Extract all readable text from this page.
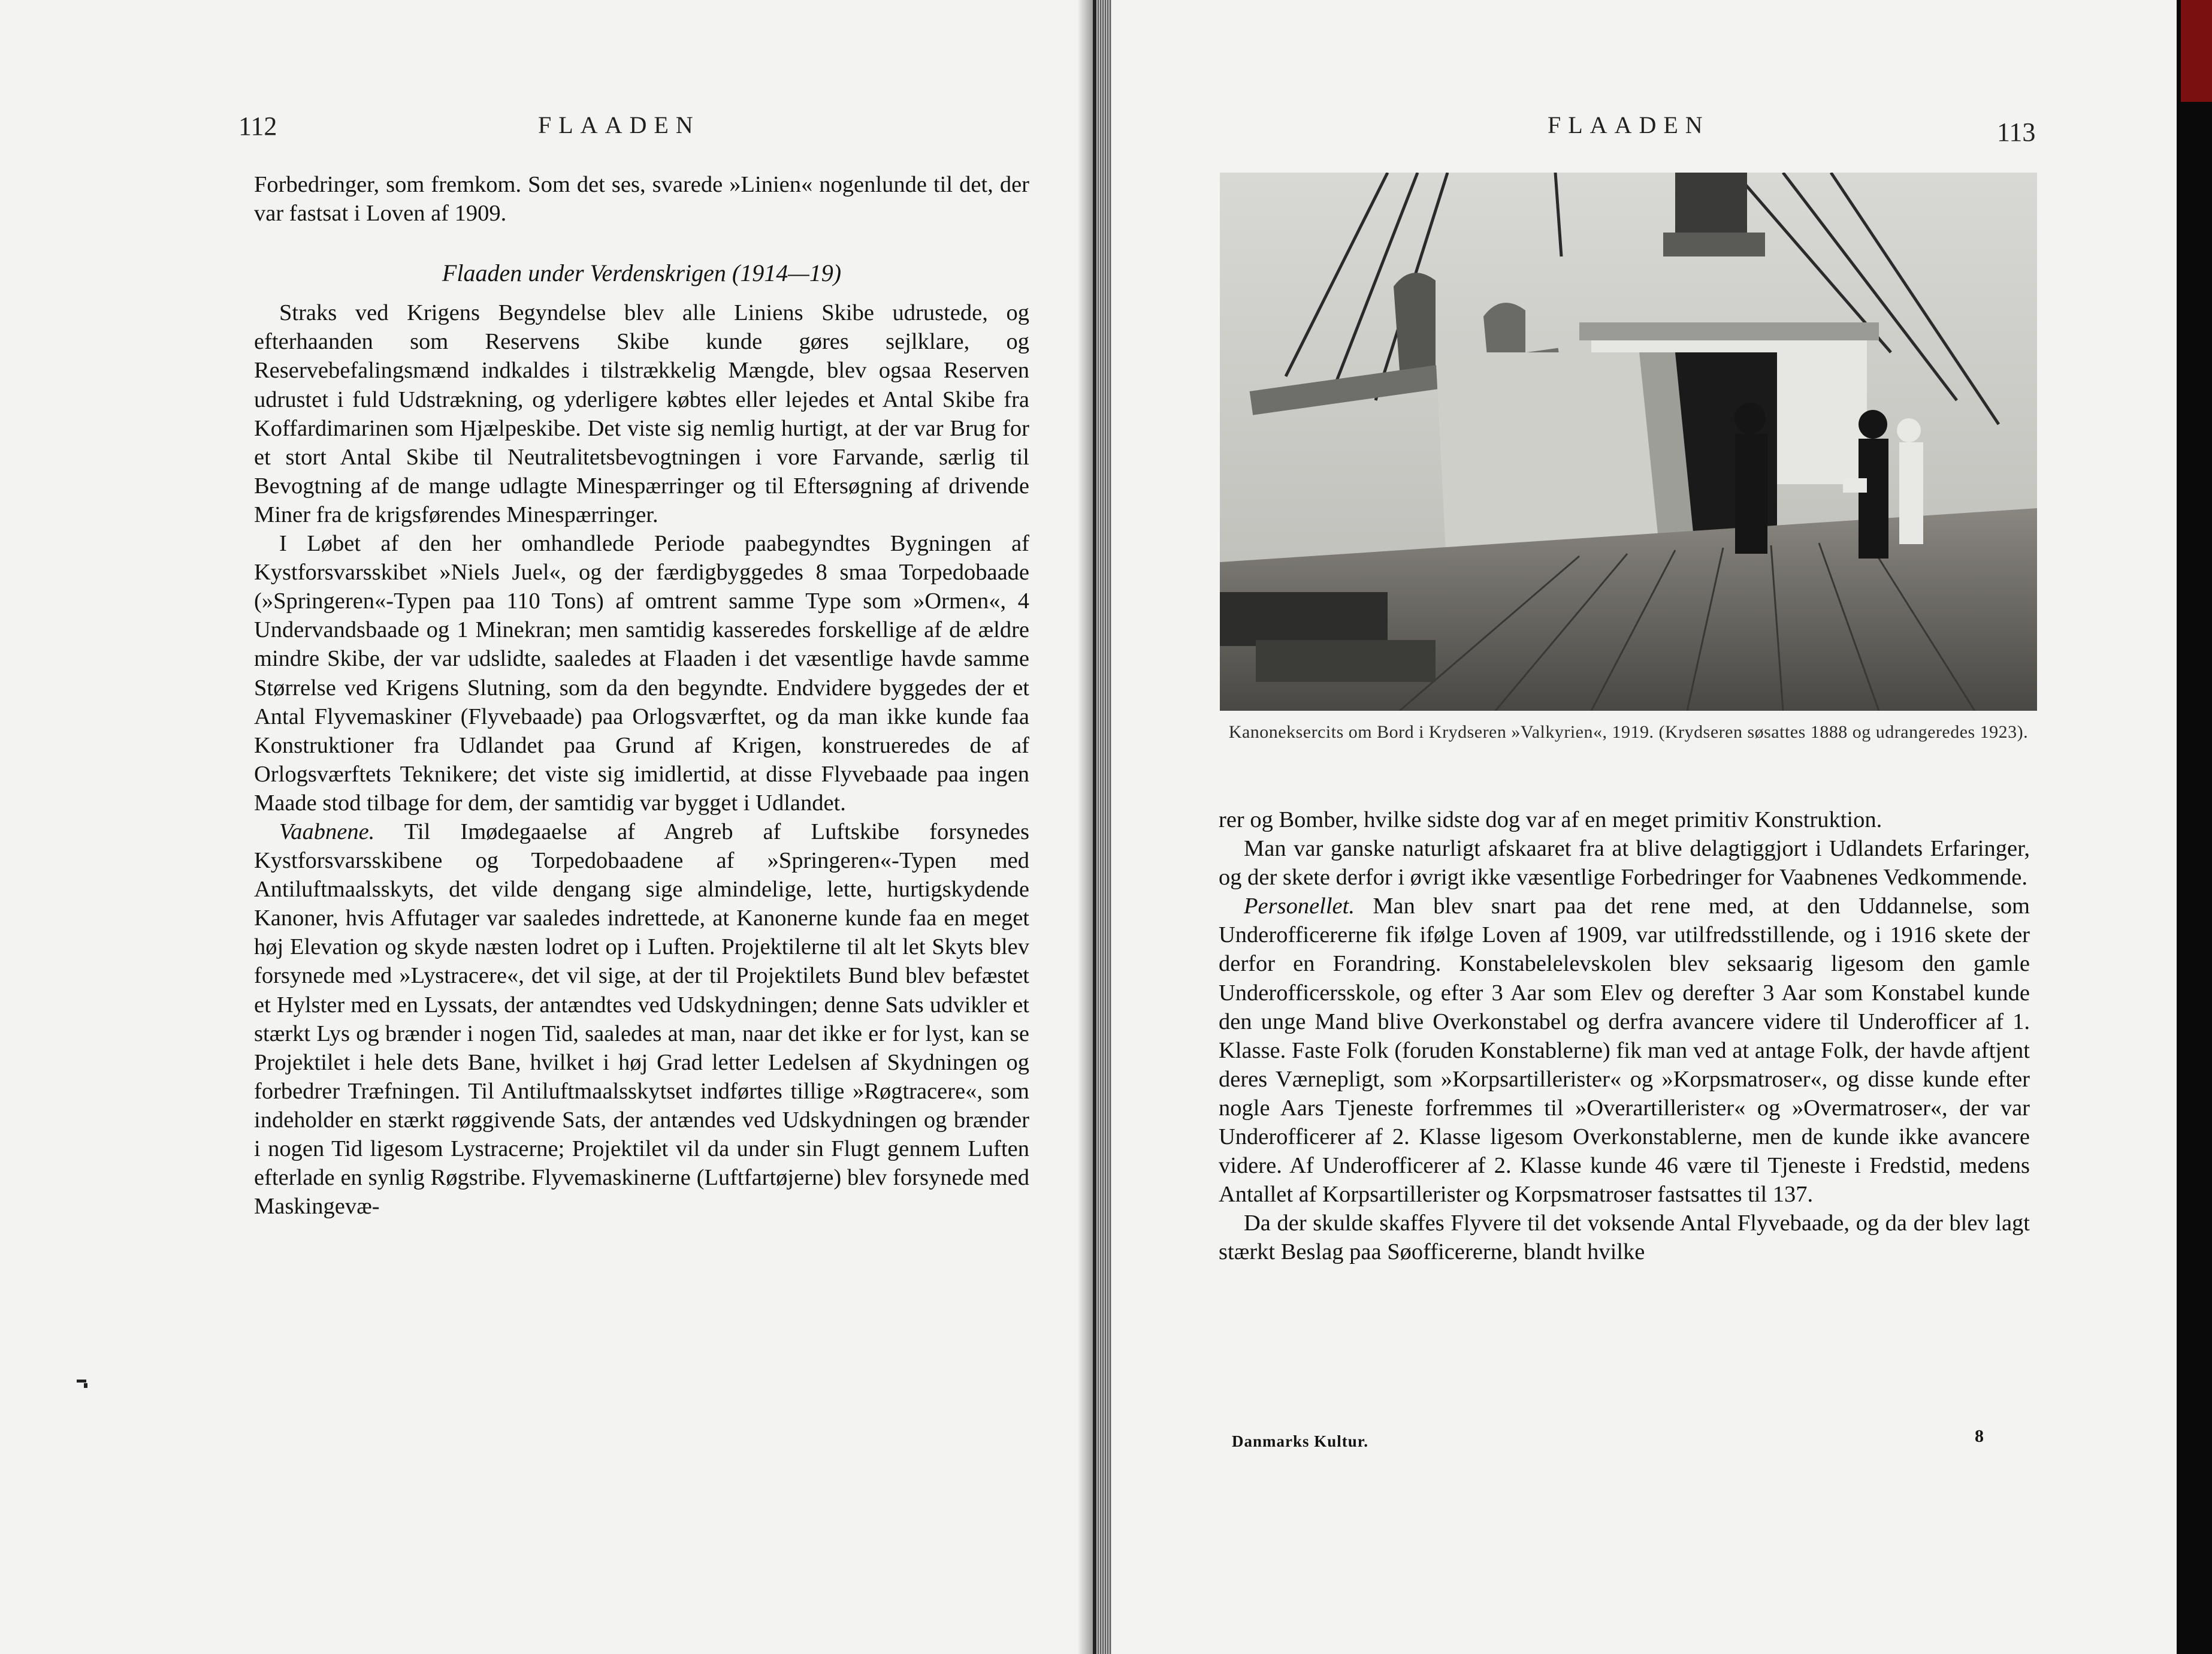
112	FLAADEN

Forbedringer, som fremkom. Som det ses, svarede »Linien« nogenlunde til det, der var fastsat i Loven af 1909.

Flaaden under Verdenskrigen (1914—19)

Straks ved Krigens Begyndelse blev alle Liniens Skibe udrustede, og efterhaanden som Reservens Skibe kunde gøres sejlklare, og Reservebefalingsmænd indkaldes i tilstrækkelig Mængde, blev ogsaa Reserven udrustet i fuld Udstrækning, og yderligere købtes eller lejedes et Antal Skibe fra Koffardimarinen som Hjælpeskibe. Det viste sig nemlig hurtigt, at der var Brug for et stort Antal Skibe til Neutralitetsbevogtningen i vore Farvande, særlig til Bevogtning af de mange udlagte Minespærringer og til Eftersøgning af drivende Miner fra de krigsførendes Minespærringer.

I Løbet af den her omhandlede Periode paabegyndtes Bygningen af Kystforsvarsskibet »Niels Juel«, og der færdigbyggedes 8 smaa Torpedobaade (»Springeren«-Typen paa 110 Tons) af omtrent samme Type som »Ormen«, 4 Undervandsbaade og 1 Minekran; men samtidig kasseredes forskellige af de ældre mindre Skibe, der var udslidte, saaledes at Flaaden i det væsentlige havde samme Størrelse ved Krigens Slutning, som da den begyndte. Endvidere byggedes der et Antal Flyvemaskiner (Flyvebaade) paa Orlogsværftet, og da man ikke kunde faa Konstruktioner fra Udlandet paa Grund af Krigen, konstrueredes de af Orlogsværftets Teknikere; det viste sig imidlertid, at disse Flyvebaade paa ingen Maade stod tilbage for dem, der samtidig var bygget i Udlandet.

Vaabnene. Til Imødegaaelse af Angreb af Luftskibe forsynedes Kystforsvarsskibene og Torpedobaadene af »Springeren«-Typen med Antiluftmaalsskyts, det vilde dengang sige almindelige, lette, hurtigskydende Kanoner, hvis Affutager var saaledes indrettede, at Kanonerne kunde faa en meget høj Elevation og skyde næsten lodret op i Luften. Projektilerne til alt let Skyts blev forsynede med »Lystracere«, det vil sige, at der til Projektilets Bund blev befæstet et Hylster med en Lyssats, der antændtes ved Udskydningen; denne Sats udvikler et stærkt Lys og brænder i nogen Tid, saaledes at man, naar det ikke er for lyst, kan se Projektilet i hele dets Bane, hvilket i høj Grad letter Ledelsen af Skydningen og forbedrer Træfningen. Til Antiluftmaalsskytset indførtes tillige »Røgtracere«, som indeholder en stærkt røggivende Sats, der antændes ved Udskydningen og brænder i nogen Tid ligesom Lystracerne; Projektilet vil da under sin Flugt gennem Luften efterlade en synlig Røgstribe. Flyvemaskinerne (Luftfartøjerne) blev forsynede med Maskingevæ-

FLAADEN	113
Kanoneksercits om Bord i Krydseren »Valkyrien«, 1919. (Krydseren søsattes 1888 og udrangeredes 1923).

rer og Bomber, hvilke sidste dog var af en meget primitiv Konstruktion.

Man var ganske naturligt afskaaret fra at blive delagtiggjort i Udlandets Erfaringer, og der skete derfor i øvrigt ikke væsentlige Forbedringer for Vaabnenes Vedkommende.

Personellet. Man blev snart paa det rene med, at den Uddannelse, som Underofficererne fik ifølge Loven af 1909, var utilfredsstillende, og i 1916 skete der derfor en Forandring. Konstabelelevskolen blev seksaarig ligesom den gamle Underofficersskole, og efter 3 Aar som Elev og derefter 3 Aar som Konstabel kunde den unge Mand blive Overkonstabel og derfra avancere videre til Underofficer af 1. Klasse. Faste Folk (foruden Konstablerne) fik man ved at antage Folk, der havde aftjent deres Værnepligt, som »Korpsartillerister« og »Korpsmatroser«, og disse kunde efter nogle Aars Tjeneste forfremmes til »Overartillerister« og »Overmatroser«, der var Underofficerer af 2. Klasse ligesom Overkonstablerne, men de kunde ikke avancere videre. Af Underofficerer af 2. Klasse kunde 46 være til Tjeneste i Fredstid, medens Antallet af Korpsartillerister og Korpsmatroser fastsattes til 137.

Da der skulde skaffes Flyvere til det voksende Antal Flyvebaade, og da der blev lagt stærkt Beslag paa Søofficererne, blandt hvilke

Danmarks Kultur.	8
